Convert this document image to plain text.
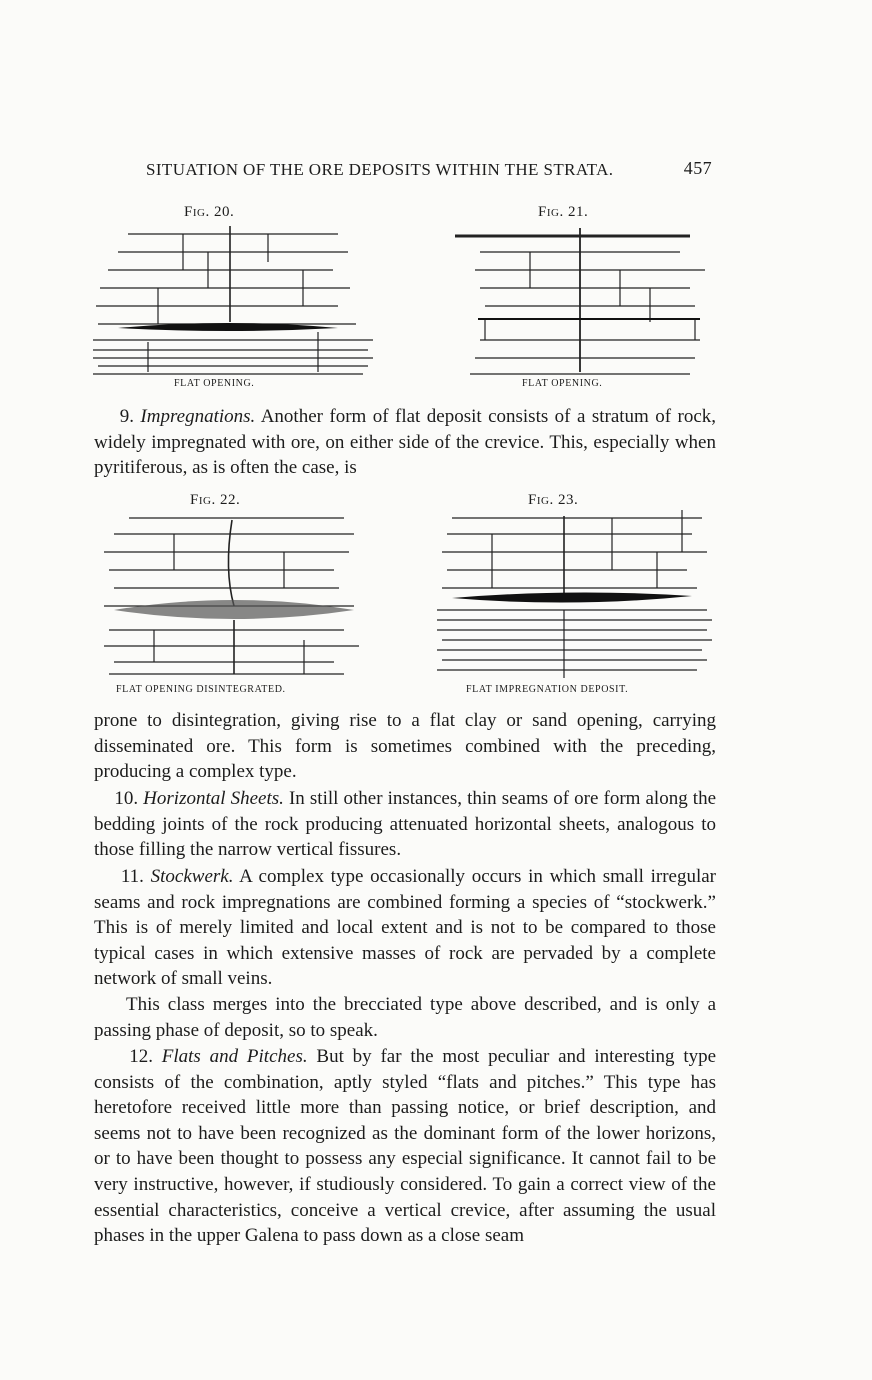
SITUATION OF THE ORE DEPOSITS WITHIN THE STRATA.	457
Fig. 20.
FLAT OPENING.
Fig. 21.
FLAT OPENING.
9. Impregnations. Another form of flat deposit consists of a stratum of rock, widely impregnated with ore, on either side of the crevice. This, especially when pyritiferous, as is often the case, is
Fig. 22.
FLAT OPENING DISINTEGRATED.
Fig. 23.
FLAT IMPREGNATION DEPOSIT.
prone to disintegration, giving rise to a flat clay or sand opening, carrying disseminated ore. This form is sometimes combined with the preceding, producing a complex type.
10. Horizontal Sheets. In still other instances, thin seams of ore form along the bedding joints of the rock producing attenuated horizontal sheets, analogous to those filling the narrow vertical fissures.
11. Stockwerk. A complex type occasionally occurs in which small irregular seams and rock impregnations are combined forming a species of “stockwerk.” This is of merely limited and local extent and is not to be compared to those typical cases in which extensive masses of rock are pervaded by a complete network of small veins.
This class merges into the brecciated type above described, and is only a passing phase of deposit, so to speak.
12. Flats and Pitches. But by far the most peculiar and interesting type consists of the combination, aptly styled “flats and pitches.” This type has heretofore received little more than passing notice, or brief description, and seems not to have been recognized as the dominant form of the lower horizons, or to have been thought to possess any especial significance. It cannot fail to be very instructive, however, if studiously considered. To gain a correct view of the essential characteristics, conceive a vertical crevice, after assuming the usual phases in the upper Galena to pass down as a close seam
